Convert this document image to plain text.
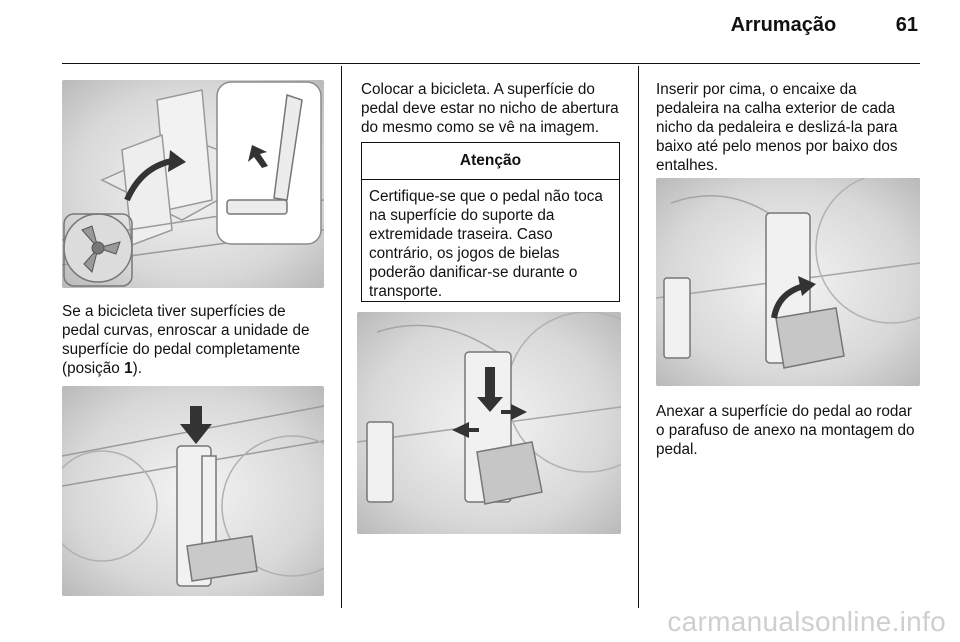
Arrumação	61

Se a bicicleta tiver superfícies de pedal curvas, enroscar a unidade de superfície do pedal completamente (posição 1).

Colocar a bicicleta. A superfície do pedal deve estar no nicho de abertura do mesmo como se vê na imagem.

Atenção
Certifique-se que o pedal não toca na superfície do suporte da extremidade traseira. Caso contrário, os jogos de bielas poderão danificar-se durante o transporte.

Inserir por cima, o encaixe da pedaleira na calha exterior de cada nicho da pedaleira e deslizá-la para baixo até pelo menos por baixo dos entalhes.

Anexar a superfície do pedal ao rodar o parafuso de anexo na montagem do pedal.

carmanualsonline.info
